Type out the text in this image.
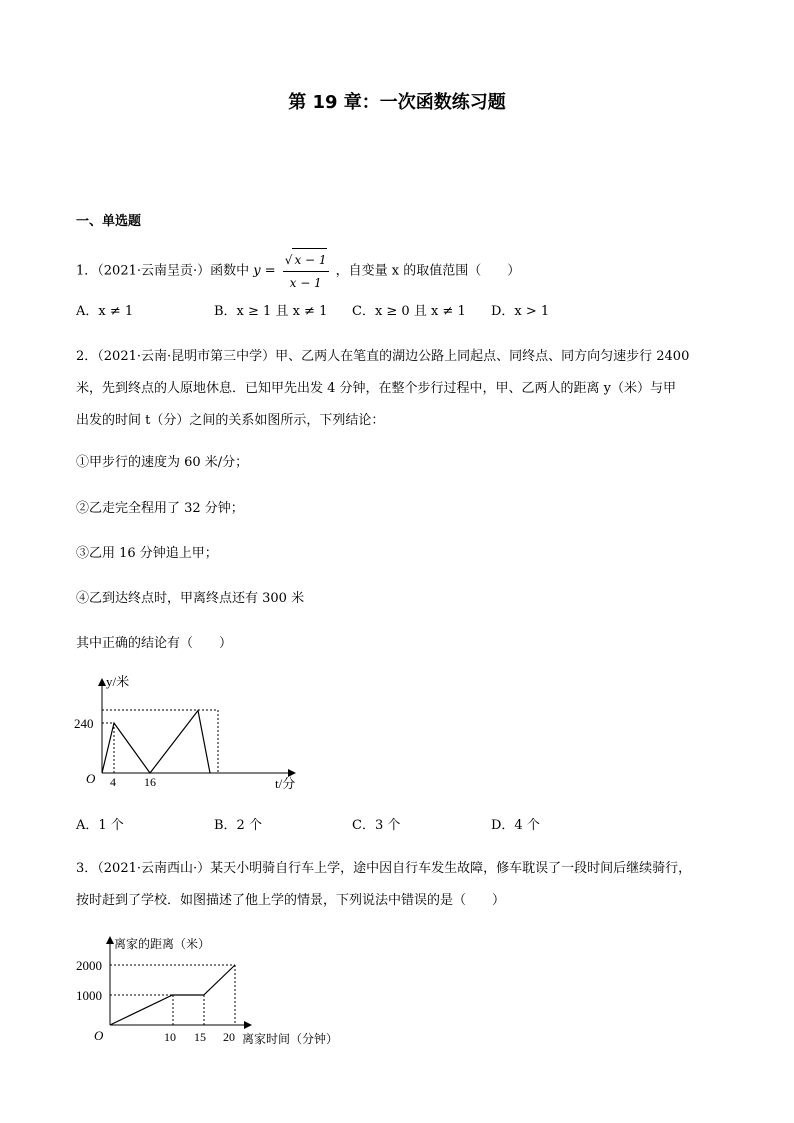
第 19 章：一次函数练习题
一、单选题
1．（2021·云南呈贡·）函数中 $y = \frac{√ x - 1}{x - 1}$ ，自变量 x 的取值范围（　　）
A．x ≠ 1	B．x ≥ 1 且 x ≠ 1 C．x ≥ 0 且 x ≠ 1 D．x > 1
2．（2021·云南·昆明市第三中学）甲、乙两人在笔直的湖边公路上同起点、同终点、同方向匀速步行 2400
米，先到终点的人原地休息．已知甲先出发 4 分钟，在整个步行过程中，甲、乙两人的距离 y（米）与甲
出发的时间 t（分）之间的关系如图所示，下列结论：
①甲步行的速度为 60 米/分；
②乙走完全程用了 32 分钟；
③乙用 16 分钟追上甲；
④乙到达终点时，甲离终点还有 300 米
其中正确的结论有（　　）
y/米
240
O 4 16	t/分
A．1 个	B．2 个	C．3 个	D．4 个
3．（2021·云南西山·）某天小明骑自行车上学，途中因自行车发生故障，修车耽误了一段时间后继续骑行，
按时赶到了学校．如图描述了他上学的情景，下列说法中错误的是（　　）
离家的距离（米）
2000
1000
O	10 15 20 离家时间（分钟）
